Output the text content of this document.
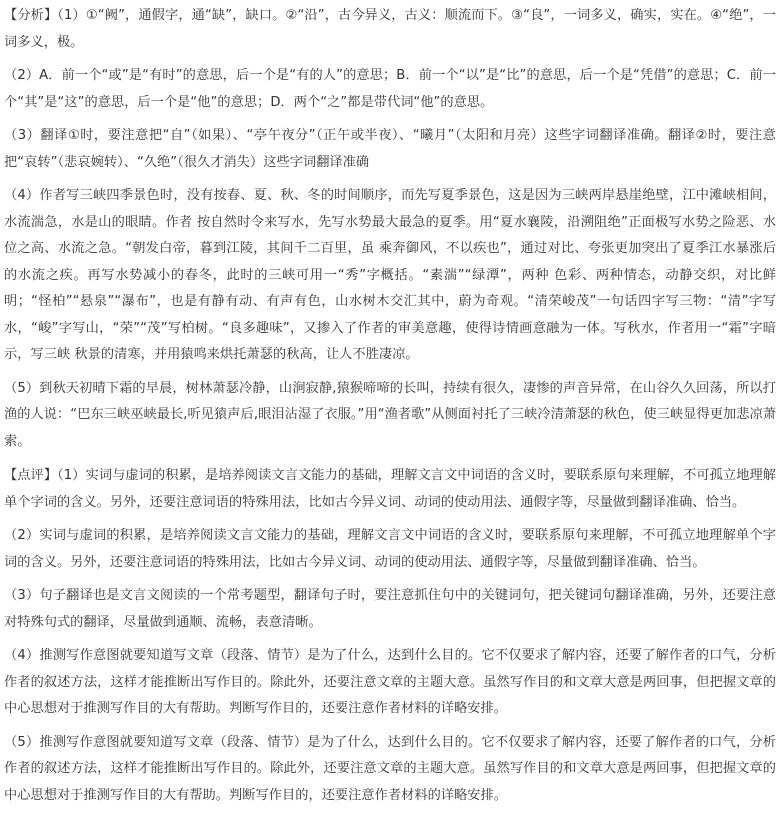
【分析】（1）①“阙”，通假字，通“缺”，缺口。②“沿”，古今异义，古义：顺流而下。③“良”，一词多义，确实，实在。④“绝”，一词多义，极。

（2）A．前一个“或”是“有时”的意思，后一个是“有的人”的意思；B．前一个“以”是“比”的意思，后一个是“凭借”的意思；C．前一个“其”是“这”的意思，后一个是“他”的意思；D．两个“之”都是带代词“他”的意思。

（3）翻译①时，要注意把“自”（如果）、“亭午夜分”（正午或半夜）、“曦月”（太阳和月亮）这些字词翻译准确。翻译②时，要注意把“哀转”（悲哀婉转）、“久绝”（很久才消失）这些字词翻译准确

（4）作者写三峡四季景色时，没有按春、夏、秋、冬的时间顺序，而先写夏季景色，这是因为三峡两岸悬崖绝壁，江中滩峡相间，水流湍急，水是山的眼睛。作者 按自然时令来写水，先写水势最大最急的夏季。用“夏水襄陵，沿溯阻绝”正面极写水势之险恶、水位之高、水流之急。“朝发白帝，暮到江陵，其间千二百里，虽 乘奔御风，不以疾也”，通过对比、夸张更加突出了夏季江水暴涨后的水流之疾。再写水势减小的春冬，此时的三峡可用一“秀”字概括。“素湍”“绿潭”，两种 色彩、两种情态，动静交织，对比鲜明；“怪柏”“悬泉”“瀑布”，也是有静有动、有声有色，山水树木交汇其中，蔚为奇观。“清荣峻茂”一句话四字写三物：“清”字写水，“峻”字写山，“荣”“茂”写柏树。“良多趣味”，又掺入了作者的审美意趣，使得诗情画意融为一体。写秋水，作者用一“霜”字暗示，写三峡 秋景的清寒，并用猿鸣来烘托萧瑟的秋高，让人不胜凄凉。

（5）到秋天初晴下霜的早晨，树林萧瑟冷静，山涧寂静,猿猴啼啼的长叫，持续有很久，凄惨的声音异常，在山谷久久回荡，所以打渔的人说：“巴东三峡巫峡最长,听见猿声后,眼泪沾湿了衣服。”用“渔者歌”从侧面衬托了三峡冷清萧瑟的秋色，使三峡显得更加悲凉萧索。

【点评】（1）实词与虚词的积累，是培养阅读文言文能力的基础，理解文言文中词语的含义时，要联系原句来理解，不可孤立地理解单个字词的含义。另外，还要注意词语的特殊用法，比如古今异义词、动词的使动用法、通假字等，尽量做到翻译准确、恰当。

（2）实词与虚词的积累，是培养阅读文言文能力的基础，理解文言文中词语的含义时，要联系原句来理解，不可孤立地理解单个字词的含义。另外，还要注意词语的特殊用法，比如古今异义词、动词的使动用法、通假字等，尽量做到翻译准确、恰当。

（3）句子翻译也是文言文阅读的一个常考题型，翻译句子时，要注意抓住句中的关键词句，把关键词句翻译准确，另外，还要注意对特殊句式的翻译，尽量做到通顺、流畅，表意清晰。

（4）推测写作意图就要知道写文章（段落、情节）是为了什么，达到什么目的。它不仅要求了解内容，还要了解作者的口气，分析作者的叙述方法，这样才能推断出写作目的。除此外，还要注意文章的主题大意。虽然写作目的和文章大意是两回事，但把握文章的中心思想对于推测写作目的大有帮助。判断写作目的，还要注意作者材料的详略安排。

（5）推测写作意图就要知道写文章（段落、情节）是为了什么，达到什么目的。它不仅要求了解内容，还要了解作者的口气，分析作者的叙述方法，这样才能推断出写作目的。除此外，还要注意文章的主题大意。虽然写作目的和文章大意是两回事，但把握文章的中心思想对于推测写作目的大有帮助。判断写作目的，还要注意作者材料的详略安排。
